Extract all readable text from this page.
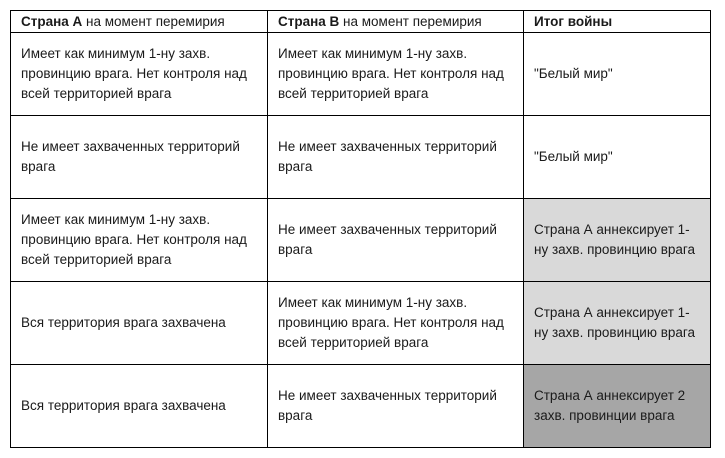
Страна А на момент перемирия	Страна В на момент перемирия	Итог войны
Имеет как минимум 1-ну захв. провинцию врага. Нет контроля над всей территорией врага	Имеет как минимум 1-ну захв. провинцию врага. Нет контроля над всей территорией врага	"Белый мир"
Не имеет захваченных территорий врага	Не имеет захваченных территорий врага	"Белый мир"
Имеет как минимум 1-ну захв. провинцию врага. Нет контроля над всей территорией врага	Не имеет захваченных территорий врага	Страна А аннексирует 1-ну захв. провинцию врага
Вся территория врага захвачена	Имеет как минимум 1-ну захв. провинцию врага. Нет контроля над всей территорией врага	Страна А аннексирует 1-ну захв. провинцию врага
Вся территория врага захвачена	Не имеет захваченных территорий врага	Страна А аннексирует 2 захв. провинции врага
